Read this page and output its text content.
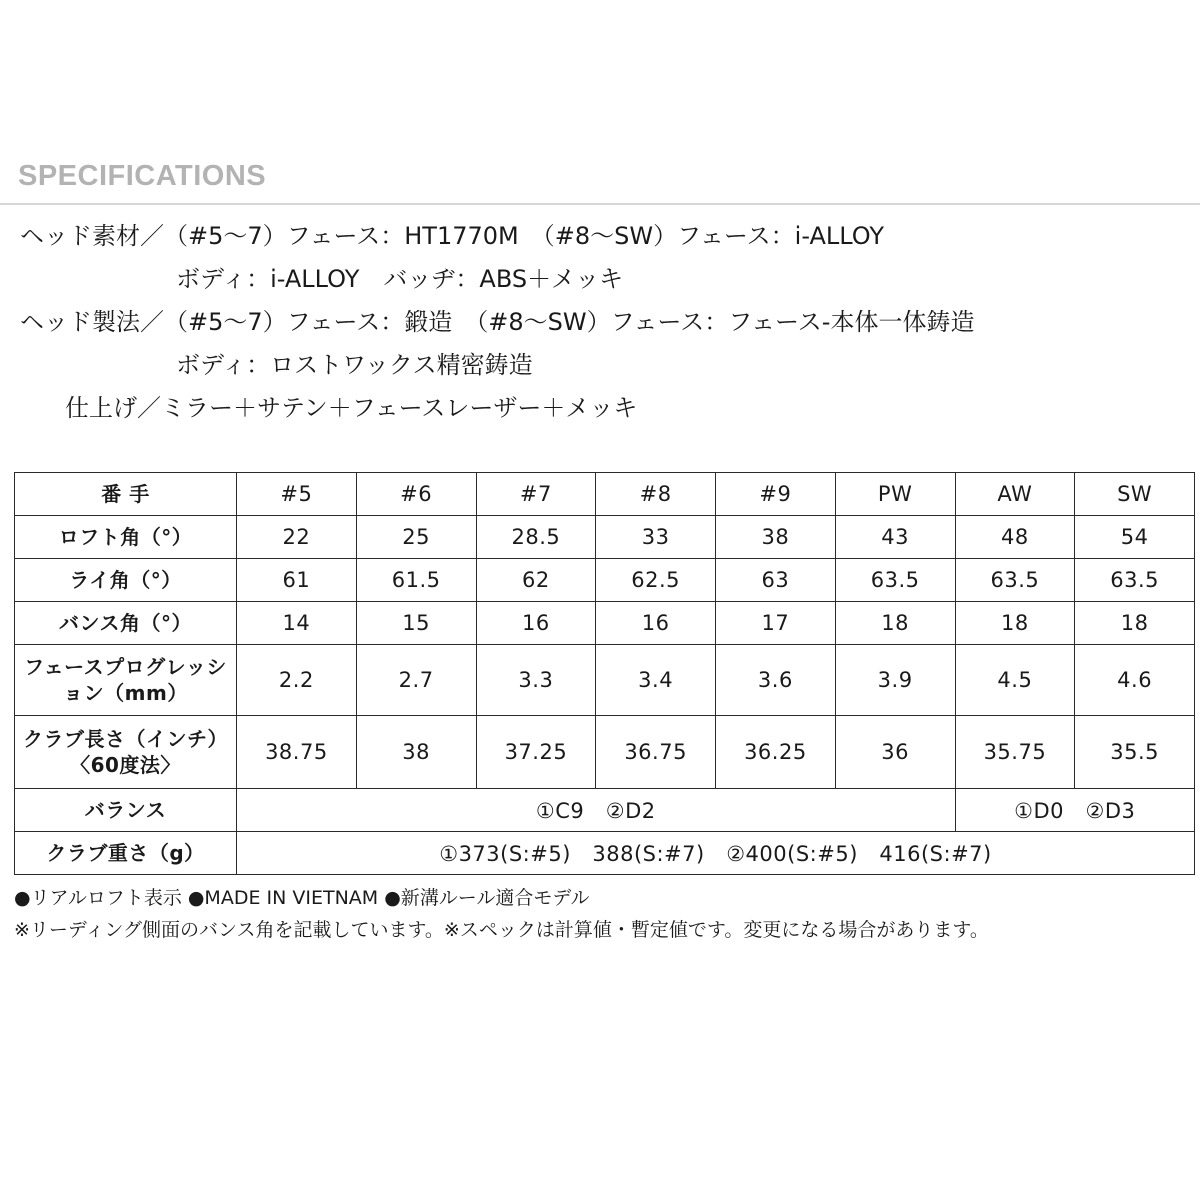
SPECIFICATIONS
ヘッド素材／（#5〜7）フェース：HT1770M　（#8〜SW）フェース：i-ALLOY
ボディ：i-ALLOY　バッヂ：ABS＋メッキ
ヘッド製法／（#5〜7）フェース：鍛造　（#8〜SW）フェース：フェース‐本体一体鋳造
ボディ：ロストワックス精密鋳造
仕上げ／ミラー＋サテン＋フェースレーザー＋メッキ
番 手	#5	#6	#7	#8	#9	PW	AW	SW
ロフト角（°）	22	25	28.5	33	38	43	48	54
ライ角（°）	61	61.5	62	62.5	63	63.5	63.5	63.5
バンス角（°）	14	15	16	16	17	18	18	18

フェースプログレッシ
ョン（mm）	2.2	2.7	3.3	3.4	3.6	3.9	4.5	4.6

クラブ長さ（インチ）
〈60度法〉	38.75	38	37.25	36.75	36.25	36	35.75	35.5
バランス	①C9　②D2						①D0　②D3	
クラブ重さ（g）	①373(S:#5)　388(S:#7)　②400(S:#5)　416(S:#7)							
●リアルロフト表示 ●MADE IN VIETNAM ●新溝ルール適合モデル
※リーディング側面のバンス角を記載しています。※スペックは計算値・暫定値です。変更になる場合があります。
